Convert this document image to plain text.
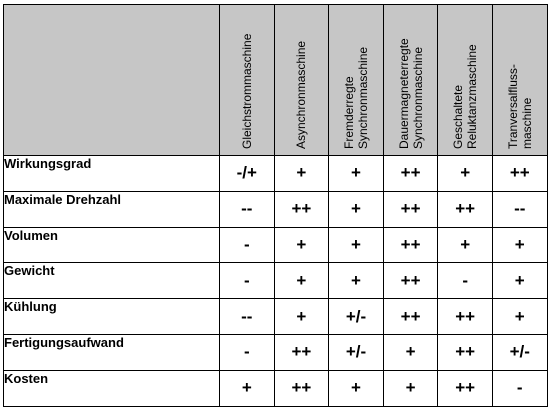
	Gleichstrommaschine	Asynchronmaschine	Fremderregte Synchronmaschine	Dauermagneterregte Synchronmaschine	Geschaltete Reluktanzmaschine	Tranversalfluss-maschine

Wirkungsgrad	-/+	+	+	++	+	++
Maximale Drehzahl	--	++	+	++	++	--
Volumen	-	+	+	++	+	+
Gewicht	-	+	+	++	-	+
Kühlung	--	+	+/-	++	++	+
Fertigungsaufwand	-	++	+/-	+	++	+/-
Kosten	+	++	+	+	++	-
